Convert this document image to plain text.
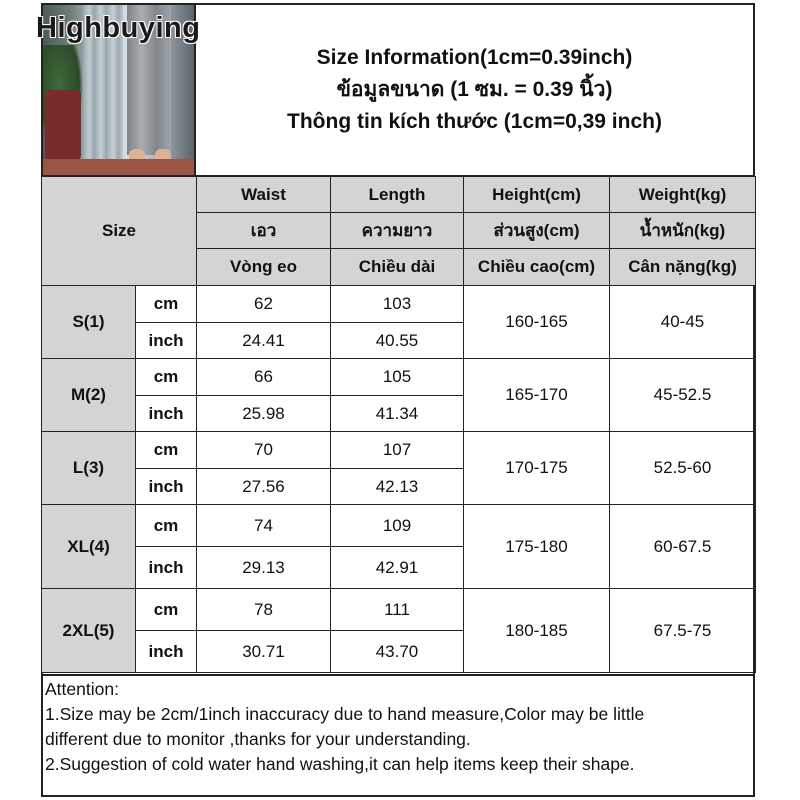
Highbuying
Size Information(1cm=0.39inch)
ข้อมูลขนาด (1 ซม. = 0.39 นิ้ว)
Thông tin kích thước (1cm=0,39 inch)
Size		Waist	Length	Height(cm)	Weight(kg)
		เอว	ความยาว	ส่วนสูง(cm)	น้ำหนัก(kg)
		Vòng eo	Chiều dài	Chiều cao(cm)	Cân nặng(kg)
S(1)	cm	62	103	160-165	40-45
	inch	24.41	40.55		
M(2)	cm	66	105	165-170	45-52.5
	inch	25.98	41.34		
L(3)	cm	70	107	170-175	52.5-60
	inch	27.56	42.13		
XL(4)	cm	74	109	175-180	60-67.5
	inch	29.13	42.91		
2XL(5)	cm	78	111	180-185	67.5-75
	inch	30.71	43.70		

Attention:

1.Size may be 2cm/1inch inaccuracy due to hand measure,Color may be little

different due to monitor ,thanks for your understanding.

2.Suggestion of cold water hand washing,it can help items keep their shape.
